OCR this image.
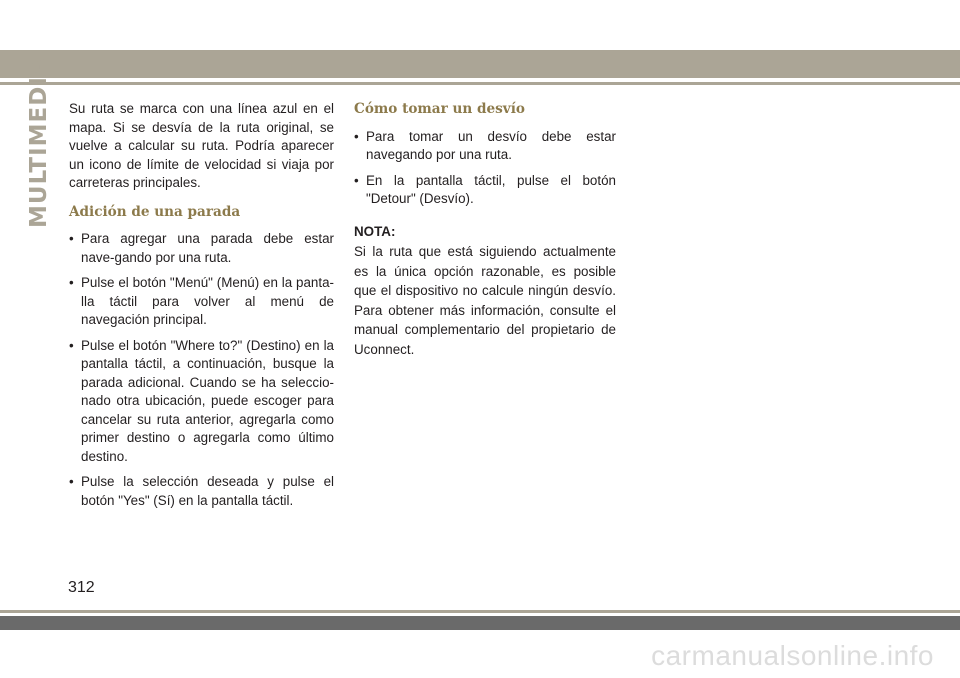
MULTIMEDIA Su ruta se marca con una línea azul en el mapa. Si se desvía de la ruta original, se vuelve a calcular su ruta. Podría aparecer un icono de límite de velocidad si viaja por carreteras principales.

Adición de una parada
• Para agregar una parada debe estar nave-gando por una ruta.
• Pulse el botón "Menú" (Menú) en la panta-lla táctil para volver al menú de navegación principal.
• Pulse el botón "Where to?" (Destino) en la pantalla táctil, a continuación, busque la parada adicional. Cuando se ha seleccio-nado otra ubicación, puede escoger para cancelar su ruta anterior, agregarla como primer destino o agregarla como último destino.
• Pulse la selección deseada y pulse el botón "Yes" (Sí) en la pantalla táctil.
Cómo tomar un desvío
• Para tomar un desvío debe estar navegando por una ruta.
• En la pantalla táctil, pulse el botón "Detour" (Desvío).
NOTA:

Si la ruta que está siguiendo actualmente es la única opción razonable, es posible que el dispositivo no calcule ningún desvío. Para obtener más información, consulte el manual complementario del propietario de Uconnect.

312
carmanualsonline.info
